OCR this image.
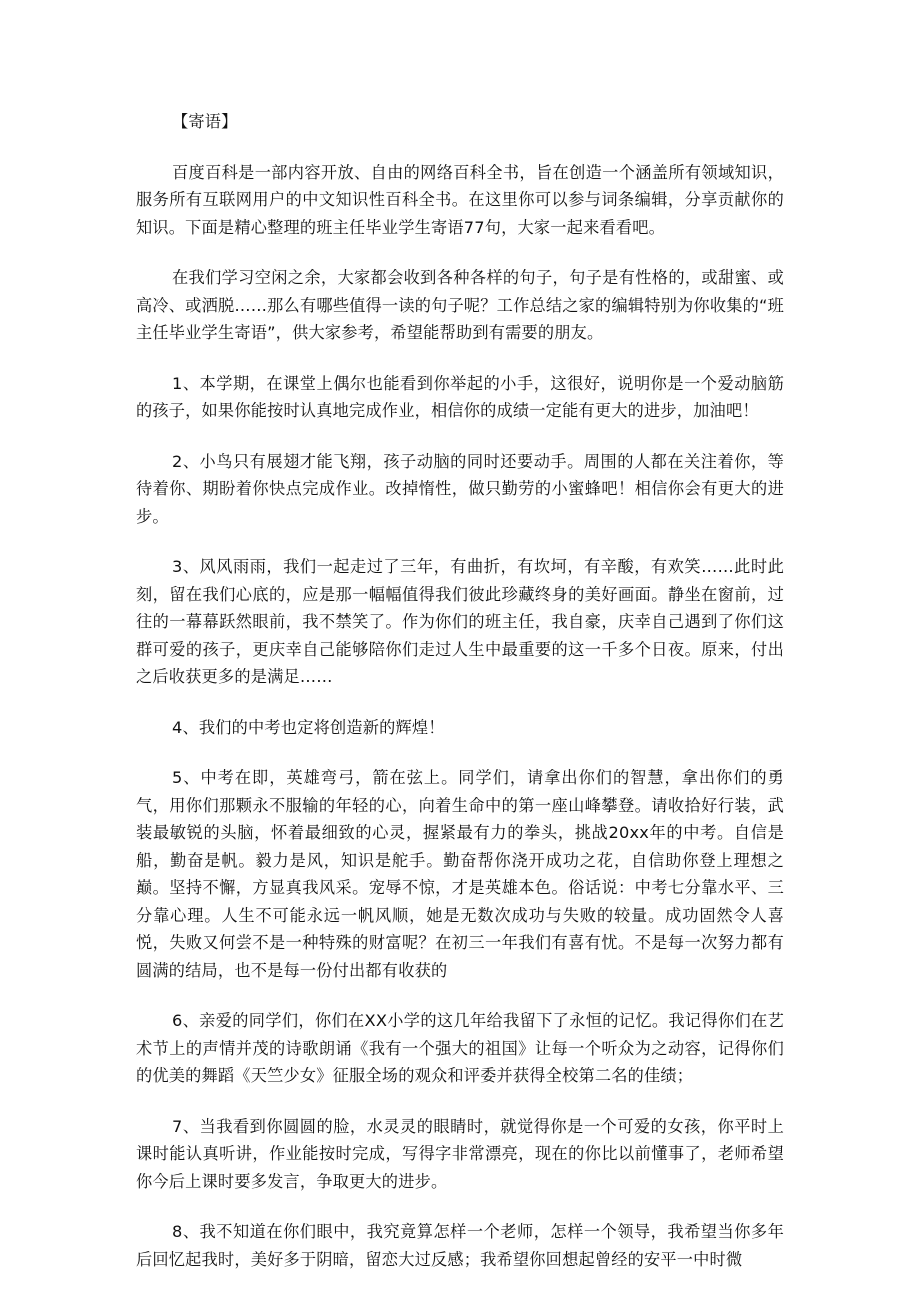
【寄语】

百度百科是一部内容开放、自由的网络百科全书，旨在创造一个涵盖所有领域知识，服务所有互联网用户的中文知识性百科全书。在这里你可以参与词条编辑，分享贡献你的知识。下面是精心整理的班主任毕业学生寄语77句，大家一起来看看吧。

在我们学习空闲之余，大家都会收到各种各样的句子，句子是有性格的，或甜蜜、或高冷、或洒脱……那么有哪些值得一读的句子呢？工作总结之家的编辑特别为你收集的“班主任毕业学生寄语”，供大家参考，希望能帮助到有需要的朋友。

1、本学期，在课堂上偶尔也能看到你举起的小手，这很好，说明你是一个爱动脑筋的孩子，如果你能按时认真地完成作业，相信你的成绩一定能有更大的进步，加油吧！

2、小鸟只有展翅才能飞翔，孩子动脑的同时还要动手。周围的人都在关注着你，等待着你、期盼着你快点完成作业。改掉惰性，做只勤劳的小蜜蜂吧！相信你会有更大的进步。

3、风风雨雨，我们一起走过了三年，有曲折，有坎坷，有辛酸，有欢笑……此时此刻，留在我们心底的，应是那一幅幅值得我们彼此珍藏终身的美好画面。静坐在窗前，过往的一幕幕跃然眼前，我不禁笑了。作为你们的班主任，我自豪，庆幸自己遇到了你们这群可爱的孩子，更庆幸自己能够陪你们走过人生中最重要的这一千多个日夜。原来，付出之后收获更多的是满足……

4、我们的中考也定将创造新的辉煌！

5、中考在即，英雄弯弓，箭在弦上。同学们，请拿出你们的智慧，拿出你们的勇气，用你们那颗永不服输的年轻的心，向着生命中的第一座山峰攀登。请收拾好行装，武装最敏锐的头脑，怀着最细致的心灵，握紧最有力的拳头，挑战20xx年的中考。自信是船，勤奋是帆。毅力是风，知识是舵手。勤奋帮你浇开成功之花，自信助你登上理想之巅。坚持不懈，方显真我风采。宠辱不惊，才是英雄本色。俗话说：中考七分靠水平、三分靠心理。人生不可能永远一帆风顺，她是无数次成功与失败的较量。成功固然令人喜悦，失败又何尝不是一种特殊的财富呢？在初三一年我们有喜有忧。不是每一次努力都有圆满的结局，也不是每一份付出都有收获的

6、亲爱的同学们，你们在XX小学的这几年给我留下了永恒的记忆。我记得你们在艺术节上的声情并茂的诗歌朗诵《我有一个强大的祖国》让每一个听众为之动容，记得你们的优美的舞蹈《天竺少女》征服全场的观众和评委并获得全校第二名的佳绩；

7、当我看到你圆圆的脸，水灵灵的眼睛时，就觉得你是一个可爱的女孩，你平时上课时能认真听讲，作业能按时完成，写得字非常漂亮，现在的你比以前懂事了，老师希望你今后上课时要多发言，争取更大的进步。

8、我不知道在你们眼中，我究竟算怎样一个老师，怎样一个领导，我希望当你多年后回忆起我时，美好多于阴暗，留恋大过反感；我希望你回想起曾经的安平一中时微
